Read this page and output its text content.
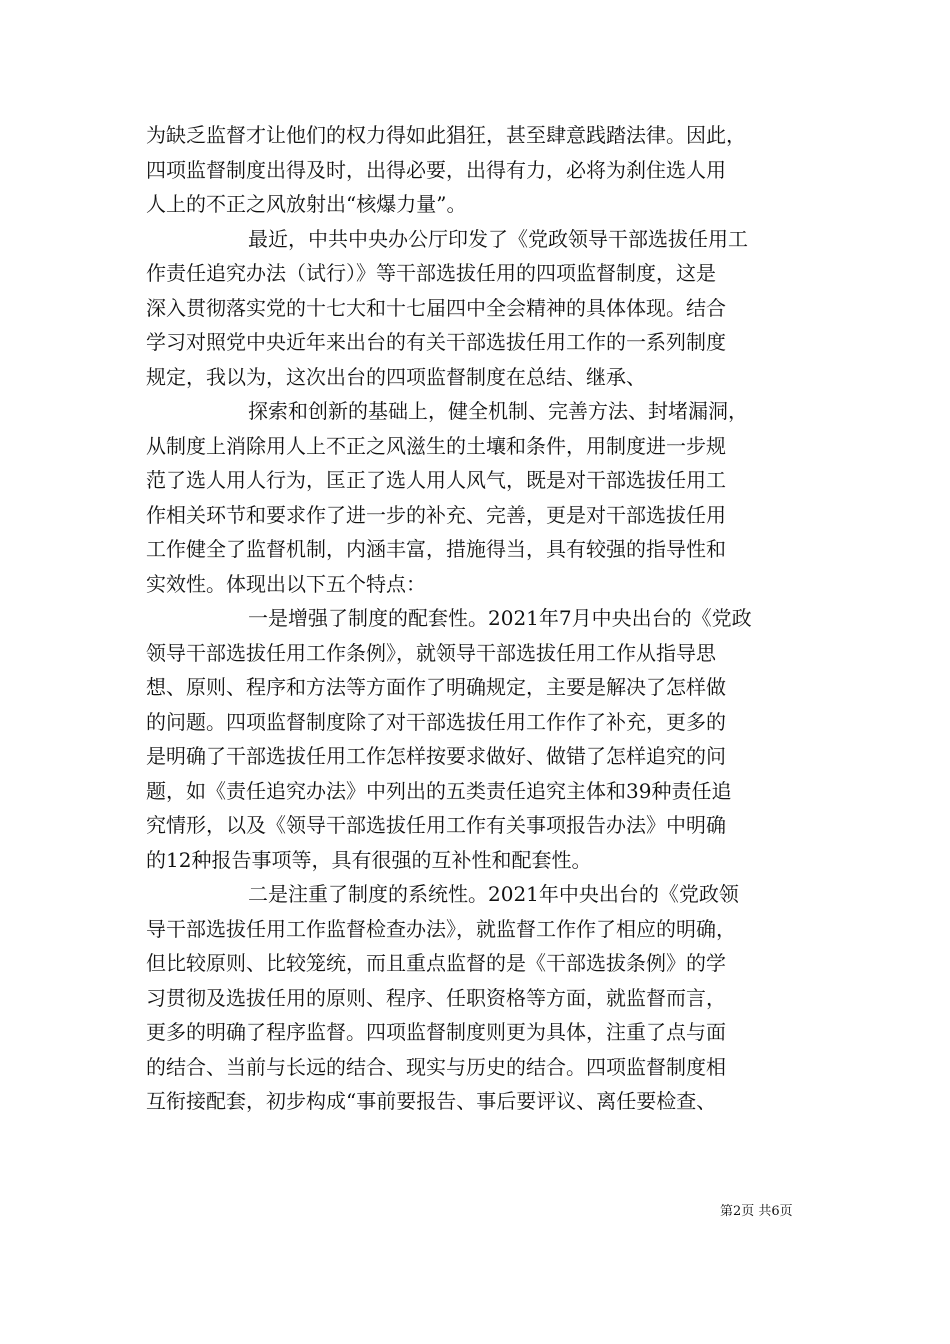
为缺乏监督才让他们的权力得如此猖狂，甚至肆意践踏法律。因此，
四项监督制度出得及时，出得必要，出得有力，必将为刹住选人用
人上的不正之风放射出“核爆力量”。
最近，中共中央办公厅印发了《党政领导干部选拔任用工
作责任追究办法（试行）》等干部选拔任用的四项监督制度，这是
深入贯彻落实党的十七大和十七届四中全会精神的具体体现。结合
学习对照党中央近年来出台的有关干部选拔任用工作的一系列制度
规定，我以为，这次出台的四项监督制度在总结、继承、
探索和创新的基础上，健全机制、完善方法、封堵漏洞，
从制度上消除用人上不正之风滋生的土壤和条件，用制度进一步规
范了选人用人行为，匡正了选人用人风气，既是对干部选拔任用工
作相关环节和要求作了进一步的补充、完善，更是对干部选拔任用
工作健全了监督机制，内涵丰富，措施得当，具有较强的指导性和
实效性。体现出以下五个特点：
一是增强了制度的配套性。2021年7月中央出台的《党政
领导干部选拔任用工作条例》，就领导干部选拔任用工作从指导思
想、原则、程序和方法等方面作了明确规定，主要是解决了怎样做
的问题。四项监督制度除了对干部选拔任用工作作了补充，更多的
是明确了干部选拔任用工作怎样按要求做好、做错了怎样追究的问
题，如《责任追究办法》中列出的五类责任追究主体和39种责任追
究情形，以及《领导干部选拔任用工作有关事项报告办法》中明确
的12种报告事项等，具有很强的互补性和配套性。
二是注重了制度的系统性。2021年中央出台的《党政领
导干部选拔任用工作监督检查办法》，就监督工作作了相应的明确，
但比较原则、比较笼统，而且重点监督的是《干部选拔条例》的学
习贯彻及选拔任用的原则、程序、任职资格等方面，就监督而言，
更多的明确了程序监督。四项监督制度则更为具体，注重了点与面
的结合、当前与长远的结合、现实与历史的结合。四项监督制度相
互衔接配套，初步构成“事前要报告、事后要评议、离任要检查、
第2页 共6页
